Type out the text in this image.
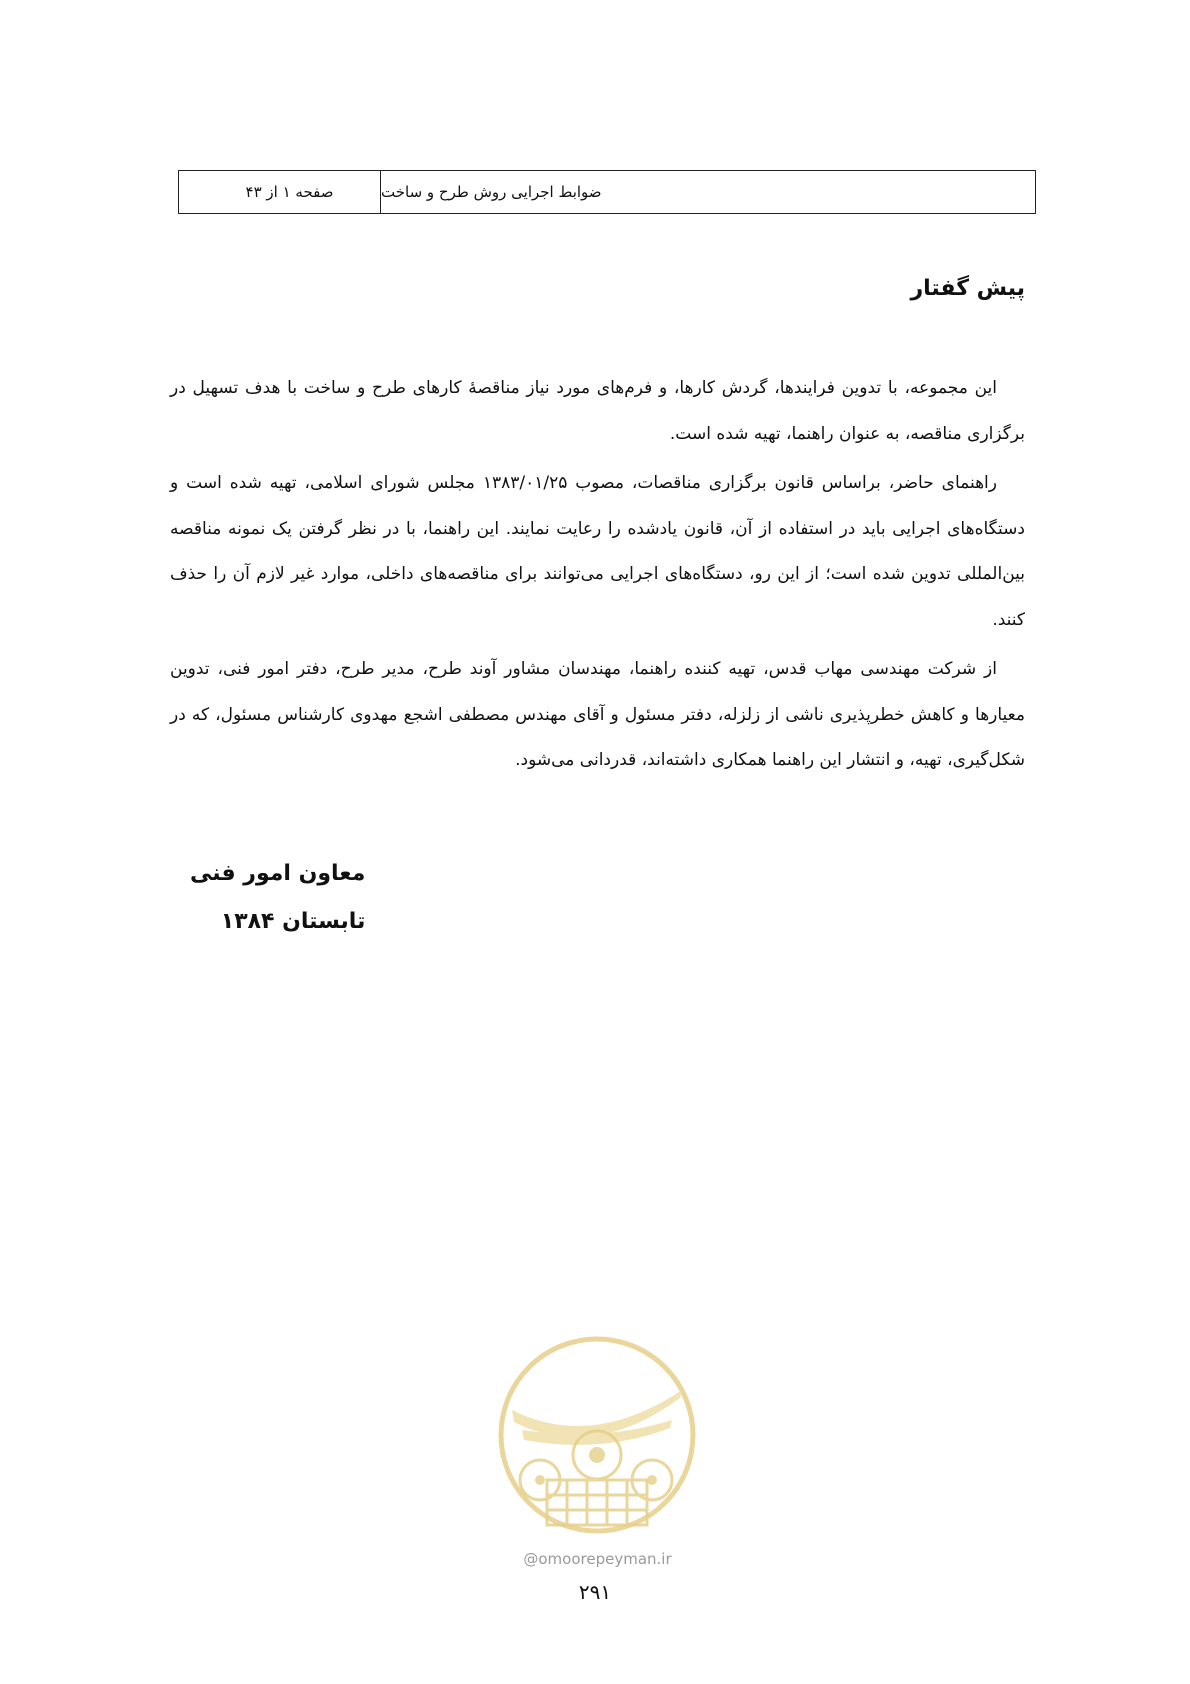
صفحه ۱ از ۴۳	ضوابط اجرایی روش طرح و ساخت
پیش گفتار

این مجموعه، با تدوین فرایندها، گردش کارها، و فرم‌های مورد نیاز مناقصۀ کارهای طرح و ساخت با هدف تسهیل در برگزاری مناقصه، به عنوان راهنما، تهیه شده است.

راهنمای حاضر، براساس قانون برگزاری مناقصات، مصوب ۱۳۸۳/۰۱/۲۵ مجلس شورای اسلامی، تهیه شده است و دستگاه‌های اجرایی باید در استفاده از آن، قانون یادشده را رعایت نمایند. این راهنما، با در نظر گرفتن یک نمونه مناقصه بین‌المللی تدوین شده است؛ از این رو، دستگاه‌های اجرایی می‌توانند برای مناقصه‌های داخلی، موارد غیر لازم آن را حذف کنند.

از شرکت مهندسی مهاب قدس، تهیه کننده راهنما، مهندسان مشاور آوند طرح، مدیر طرح، دفتر امور فنی، تدوین معیارها و کاهش خطرپذیری ناشی از زلزله، دفتر مسئول و آقای مهندس مصطفی اشجع مهدوی کارشناس مسئول، که در شکل‌گیری، تهیه، و انتشار این راهنما همکاری داشته‌اند، قدردانی می‌شود.

معاون امور فنی
تابستان ۱۳۸۴
@omoorepeyman.ir
۲۹۱
